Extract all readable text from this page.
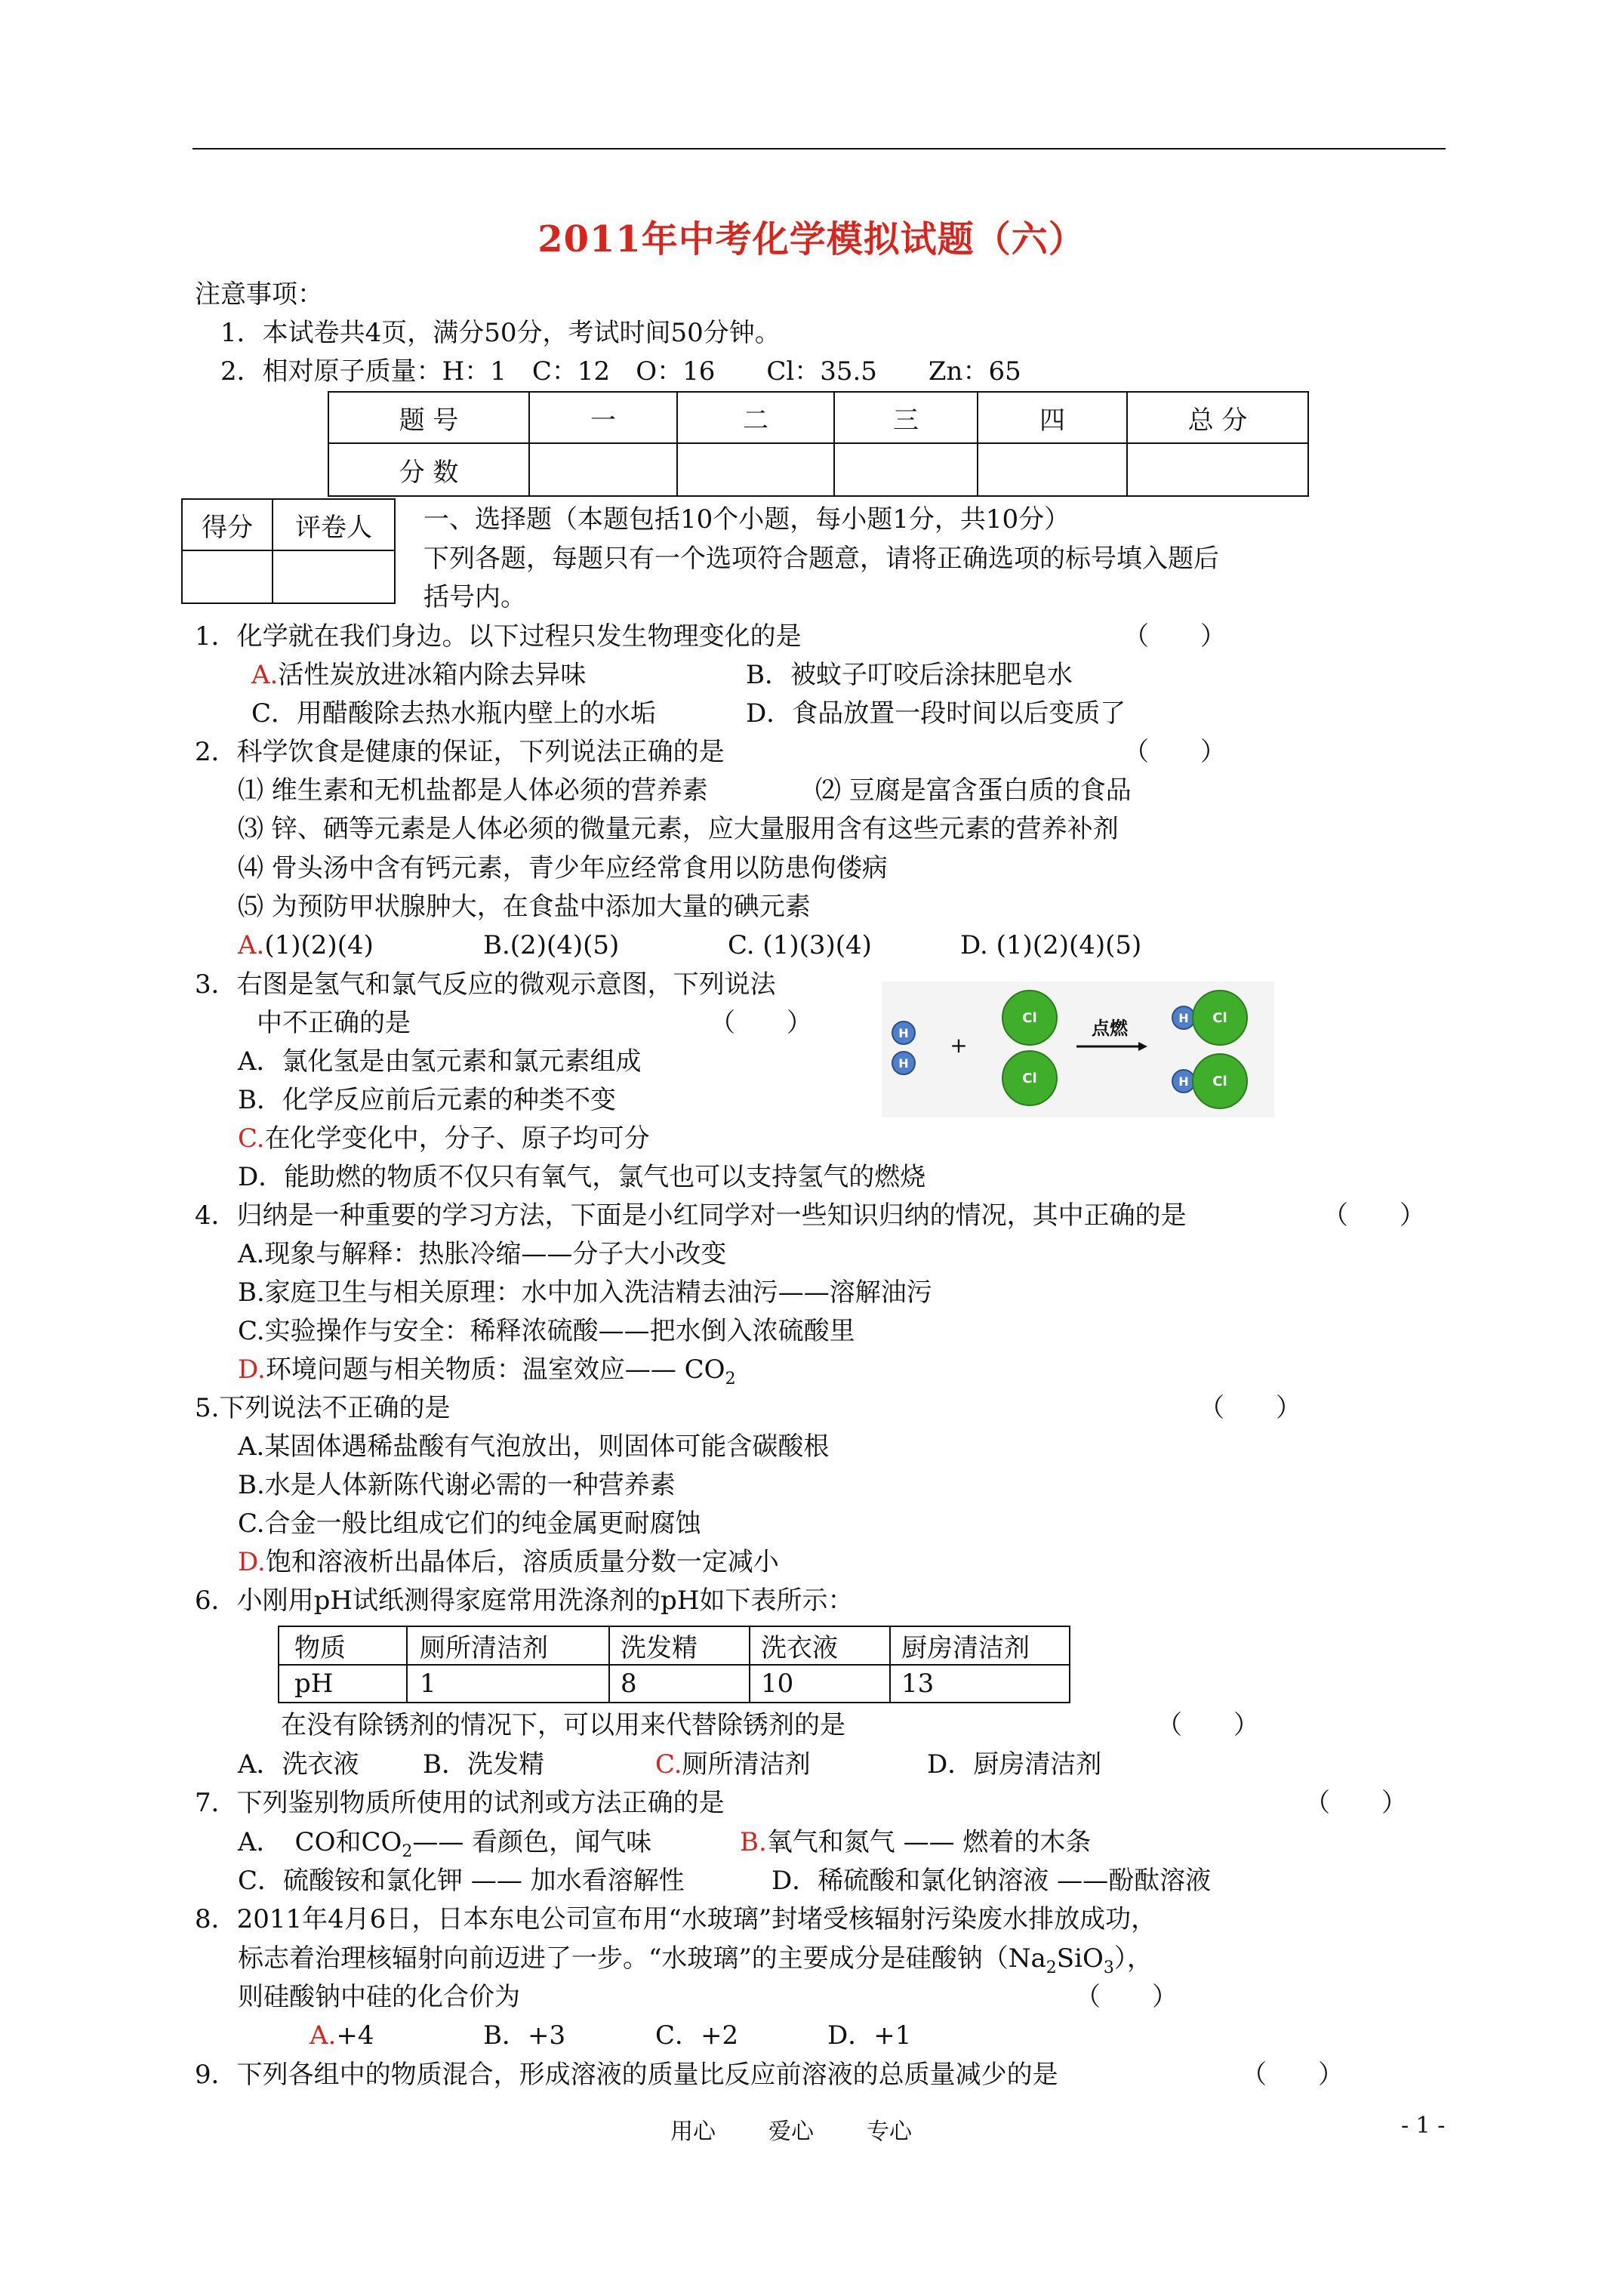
2011年中考化学模拟试题（六）
注意事项：
1．本试卷共4页，满分50分，考试时间50分钟。
2．相对原子质量：H：1　C：12　O：16　　Cl：35.5　　Zn：65
题 号	一	二	三	四	总 分
分 数					
得分	评卷人
	一、选择题（本题包括10个小题，每小题1分，共10分）
下列各题，每题只有一个选项符合题意，请将正确选项的标号填入题后
括号内。
1．化学就在我们身边。以下过程只发生物理变化的是	（　　）
A.活性炭放进冰箱内除去异味	B．被蚊子叮咬后涂抹肥皂水
C．用醋酸除去热水瓶内壁上的水垢	D．食品放置一段时间以后变质了
2．科学饮食是健康的保证，下列说法正确的是	（　　）
⑴ 维生素和无机盐都是人体必须的营养素	⑵ 豆腐是富含蛋白质的食品
⑶ 锌、硒等元素是人体必须的微量元素，应大量服用含有这些元素的营养补剂
⑷ 骨头汤中含有钙元素，青少年应经常食用以防患佝偻病
⑸ 为预防甲状腺肿大，在食盐中添加大量的碘元素
A.(1)(2)(4)	B.(2)(4)(5)	C. (1)(3)(4)	D. (1)(2)(4)(5)
3．右图是氢气和氯气反应的微观示意图，下列说法
中不正确的是	（　　）
A．氯化氢是由氢元素和氯元素组成
B．化学反应前后元素的种类不变
C.在化学变化中，分子、原子均可分
D．能助燃的物质不仅只有氧气，氯气也可以支持氢气的燃烧
H
H
+
Cl
Cl
点燃	H Cl
H Cl
4．归纳是一种重要的学习方法，下面是小红同学对一些知识归纳的情况，其中正确的是	（　　）
A.现象与解释：热胀冷缩——分子大小改变
B.家庭卫生与相关原理：水中加入洗洁精去油污——溶解油污
C.实验操作与安全：稀释浓硫酸——把水倒入浓硫酸里
D.环境问题与相关物质：温室效应—— $CO_2$
5.下列说法不正确的是	（　　）
A.某固体遇稀盐酸有气泡放出，则固体可能含碳酸根
B.水是人体新陈代谢必需的一种营养素
C.合金一般比组成它们的纯金属更耐腐蚀
D.饱和溶液析出晶体后，溶质质量分数一定减小
6．小刚用pH试纸测得家庭常用洗涤剂的pH如下表所示：
物质	厕所清洁剂	洗发精	洗衣液	厨房清洁剂
pH	1	8	10	13
在没有除锈剂的情况下，可以用来代替除锈剂的是	（　　）
A．洗衣液 B．洗发精	C.厕所清洁剂	D．厨房清洁剂
7．下列鉴别物质所使用的试剂或方法正确的是	（　　）
A．　CO和$CO_2——$ 看颜色，闻气味	B.氧气和氮气 —— 燃着的木条
C．硫酸铵和氯化钾 —— 加水看溶解性	D．稀硫酸和氯化钠溶液 ——酚酞溶液
8．2011年4月6日，日本东电公司宣布用“水玻璃”封堵受核辐射污染废水排放成功，
标志着治理核辐射向前迈进了一步。“水玻璃”的主要成分是硅酸钠$(Na_2SiO_3)$，
则硅酸钠中硅的化合价为	（　　）
A.+4	B．+3	C．+2	D．+1
9．下列各组中的物质混合，形成溶液的质量比反应前溶液的总质量减少的是	（　　）
用心 爱心 专心	- 1 -
